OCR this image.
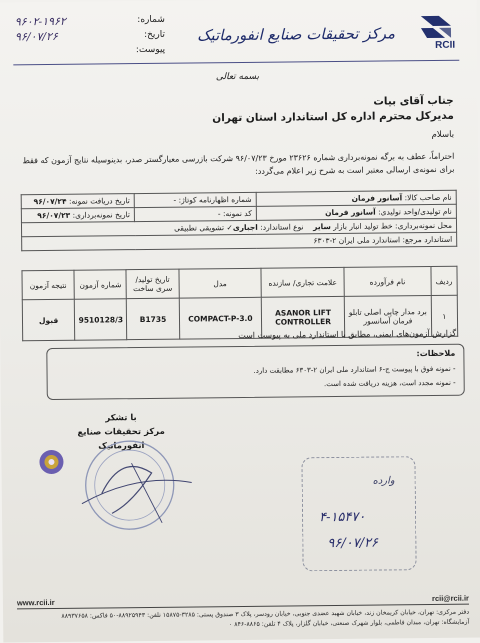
شماره:
۹۶۰۲-۱۹۶۲
تاریخ:
۹۶/۰۷/۲۶
پیوست:	RCII
مرکز تحقیقات صنایع انفورماتیک
بسمه تعالی
جناب آقای بیات
مدیرکل محترم اداره کل استاندارد استان تهران
باسلام
احتراماً، عطف به برگه نمونه‌برداری شماره ۲۳۶۲۶ مورخ ۹۶/۰۷/۲۳ شرکت بازرسی معیارگستر صدر، بدینوسیله نتایج آزمون که فقط برای نمونه‌ی ارسالی معتبر است به شرح زیر اعلام می‌گردد:
نام صاحب کالا: آسانور فرمان	شماره اظهارنامه کوتاژ: -	تاریخ دریافت نمونه: ۹۶/۰۷/۲۴
نام تولیدی/واحد تولیدی: آسانور فرمان	کد نمونه: -	تاریخ نمونه‌برداری: ۹۶/۰۷/۲۳
محل نمونه‌برداری: خط تولید انبار بازار سایر    نوع استاندارد: اجباری✓ تشویقی تطبیقی		
استاندارد مرجع: استاندارد ملی ایران ۲-۶۳۰۳		
ردیف	نام فرآورده	علامت تجاری/ سازنده	مدل	تاریخ تولید/ سری ساخت	شماره آزمون	نتیجه آزمون
۱	برد مدار چاپی اصلی تابلو فرمان آسانسور	ASANOR LIFT CONTROLLER	COMPACT-P-3.0	B1735	9510128/3	قبول
گزارش آزمون‌های ایمنی، مطابق با استاندارد ملی به پیوست است
ملاحظات:
- نمونه فوق با پیوست ج-۶ استاندارد ملی ایران ۲-۶۳۰۳ مطابقت دارد.
- نمونه مجدد است، هزینه دریافت شده است.
با تشکر
مرکز تحقیقات صنایع انفورماتیک
وارده
۴-۱۵۴۷۰
۹۶/۰۷/۲۶
www.rcii.ir	rcii@rcii.ir
دفتر مرکزی: تهران، خیابان کریمخان زند، خیابان شهید عضدی جنوبی، خیابان رودسر، پلاک ۳ صندوق پستی: ۳۲۸۵-۱۵۸۷۵ تلفن: ۸۸۹۲۵۹۴۳-۵۰ فاکس: ۸۸۹۳۷۶۵۸
آزمایشگاه: تهران، میدان فاطمی، بلوار شهرک صنعتی، خیابان گلزار، پلاک ۴ تلفن: ۸۸۶۵-۸۴۶ ۰
